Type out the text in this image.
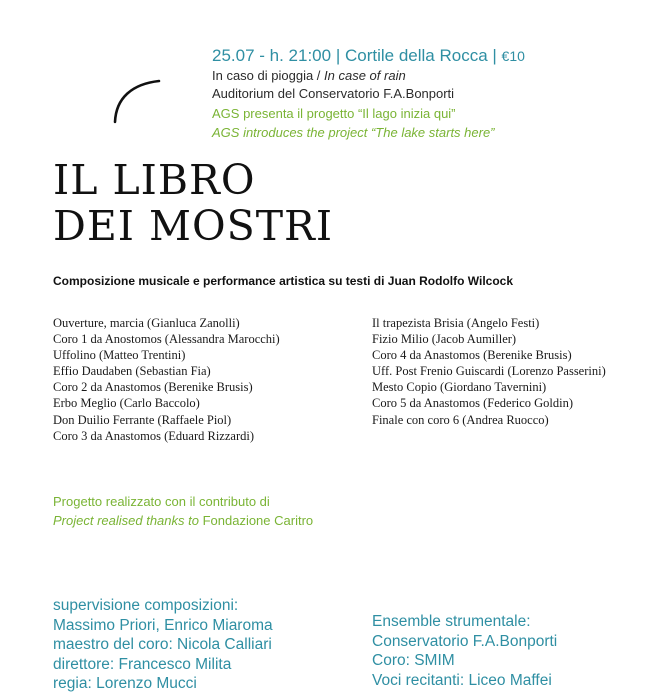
25.07 - h. 21:00 | Cortile della Rocca | €10
In caso di pioggia / In case of rain
Auditorium del Conservatorio F.A.Bonporti
AGS presenta il progetto “Il lago inizia qui”
AGS introduces the project “The lake starts here”
IL LIBRO
DEI MOSTRI
Composizione musicale e performance artistica su testi di Juan Rodolfo Wilcock
Ouverture, marcia (Gianluca Zanolli)
Coro 1 da Anostomos (Alessandra Marocchi)
Uffolino (Matteo Trentini)
Effio Daudaben (Sebastian Fia)
Coro 2 da Anastomos (Berenike Brusis)
Erbo Meglio (Carlo Baccolo)
Don Duilio Ferrante (Raffaele Piol)
Coro 3 da Anastomos (Eduard Rizzardi)
Il trapezista Brisia (Angelo Festi)
Fizio Milio (Jacob Aumiller)
Coro 4 da Anastomos (Berenike Brusis)
Uff. Post Frenio Guiscardi (Lorenzo Passerini)
Mesto Copio (Giordano Tavernini)
Coro 5 da Anastomos (Federico Goldin)
Finale con coro 6 (Andrea Ruocco)
Progetto realizzato con il contributo di
Project realised thanks to Fondazione Caritro
supervisione composizioni:
Massimo Priori, Enrico Miaroma
maestro del coro: Nicola Calliari
direttore: Francesco Milita
regia: Lorenzo Mucci
Ensemble strumentale:
Conservatorio F.A.Bonporti
Coro: SMIM
Voci recitanti: Liceo Maffei
